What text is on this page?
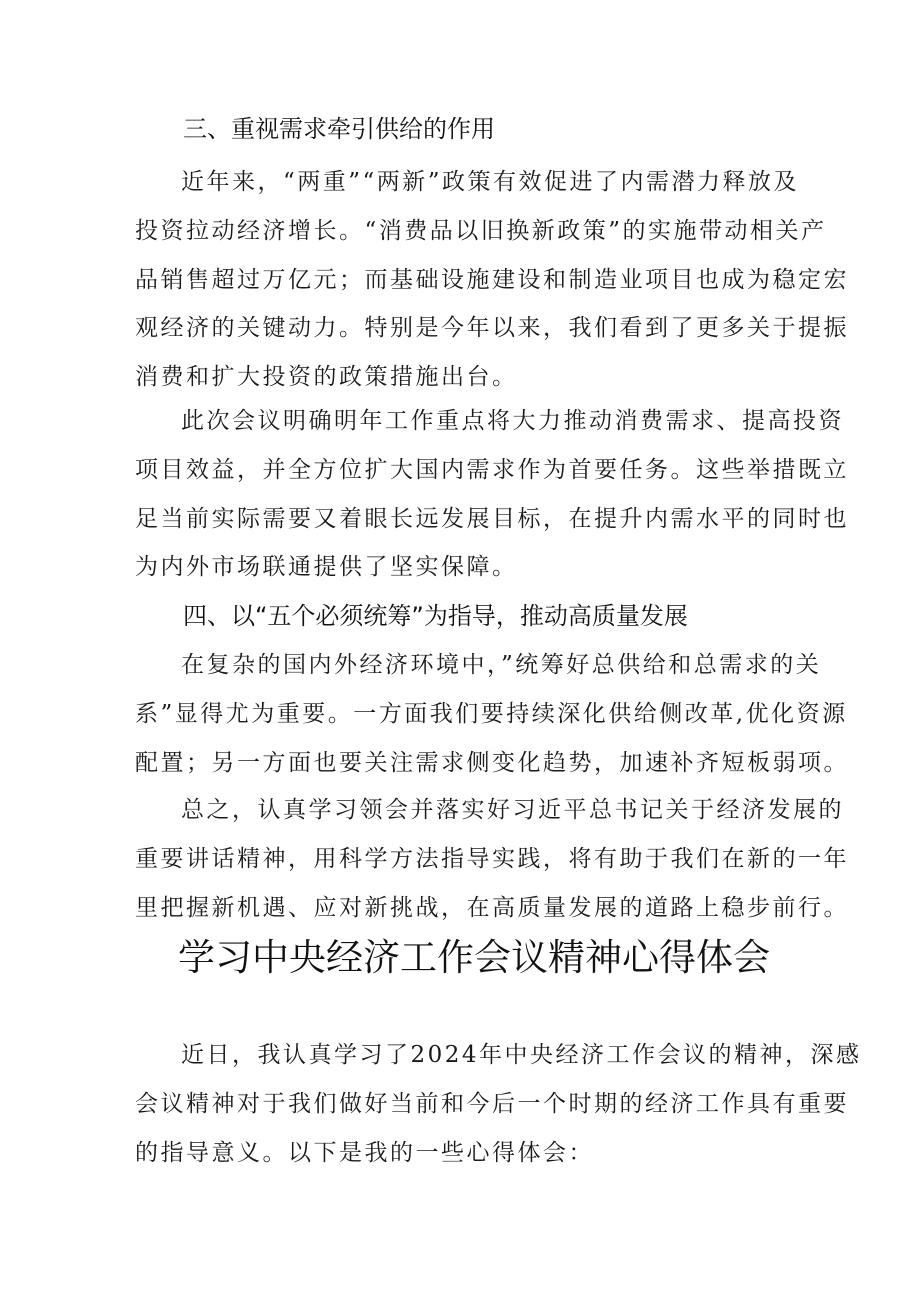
三、重视需求牵引供给的作用
近年来，“两重”“两新”政策有效促进了内需潜力释放及
投资拉动经济增长。“消费品以旧换新政策”的实施带动相关产
品销售超过万亿元；而基础设施建设和制造业项目也成为稳定宏
观经济的关键动力。特别是今年以来，我们看到了更多关于提振
消费和扩大投资的政策措施出台。
此次会议明确明年工作重点将大力推动消费需求、提高投资
项目效益，并全方位扩大国内需求作为首要任务。这些举措既立
足当前实际需要又着眼长远发展目标，在提升内需水平的同时也
为内外市场联通提供了坚实保障。
四、以“五个必须统筹”为指导，推动高质量发展
在复杂的国内外经济环境中，”统筹好总供给和总需求的关
系”显得尤为重要。一方面我们要持续深化供给侧改革,优化资源
配置；另一方面也要关注需求侧变化趋势，加速补齐短板弱项。
总之，认真学习领会并落实好习近平总书记关于经济发展的
重要讲话精神，用科学方法指导实践，将有助于我们在新的一年
里把握新机遇、应对新挑战，在高质量发展的道路上稳步前行。
学习中央经济工作会议精神心得体会
近日，我认真学习了2024年中央经济工作会议的精神，深感
会议精神对于我们做好当前和今后一个时期的经济工作具有重要
的指导意义。以下是我的一些心得体会：
